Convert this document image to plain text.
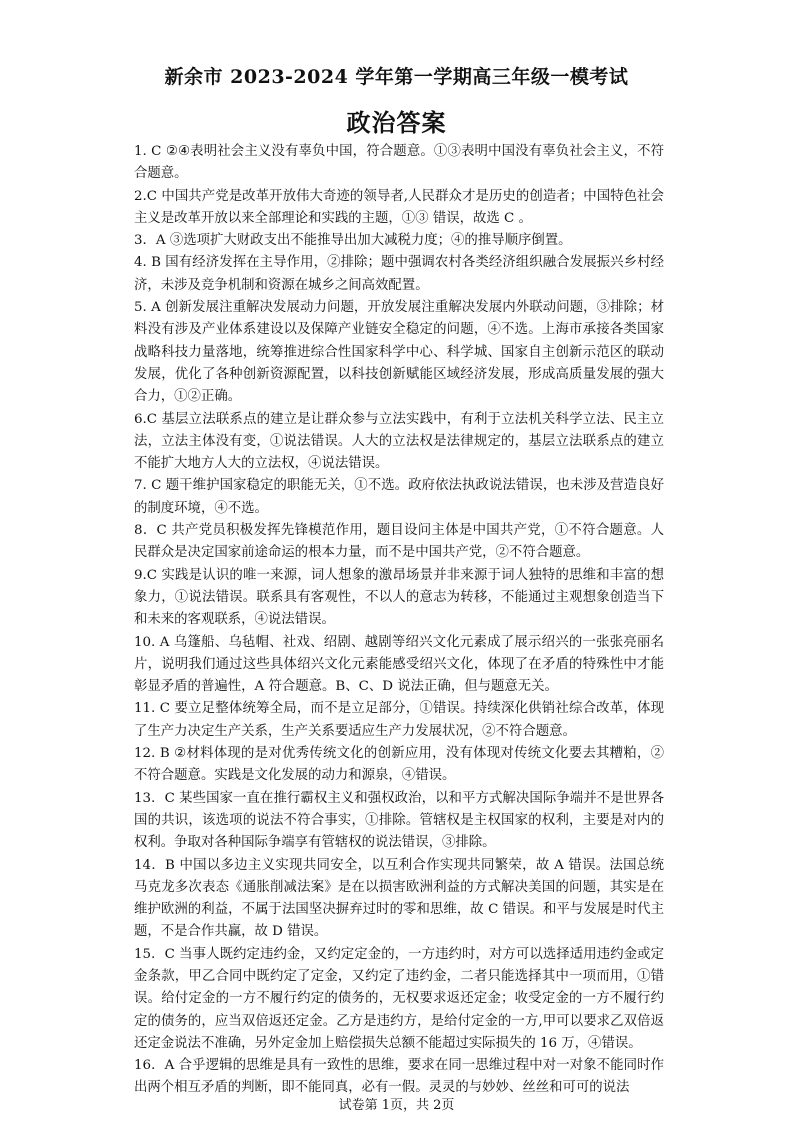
新余市 2023-2024 学年第一学期高三年级一模考试
政治答案

1. C ②④表明社会主义没有辜负中国，符合题意。①③表明中国没有辜负社会主义，不符合题意。

2.C 中国共产党是改革开放伟大奇迹的领导者,人民群众才是历史的创造者；中国特色社会主义是改革开放以来全部理论和实践的主题，①③ 错误，故选 C 。

3．A ③选项扩大财政支出不能推导出加大减税力度；④的推导顺序倒置。

4. B 国有经济发挥在主导作用，②排除；题中强调农村各类经济组织融合发展振兴乡村经济，未涉及竞争机制和资源在城乡之间高效配置。

5. A 创新发展注重解决发展动力问题，开放发展注重解决发展内外联动问题，③排除；材料没有涉及产业体系建设以及保障产业链安全稳定的问题，④不选。上海市承接各类国家战略科技力量落地，统筹推进综合性国家科学中心、科学城、国家自主创新示范区的联动发展，优化了各种创新资源配置，以科技创新赋能区域经济发展，形成高质量发展的强大合力，①②正确。

6.C 基层立法联系点的建立是让群众参与立法实践中，有利于立法机关科学立法、民主立法，立法主体没有变，①说法错误。人大的立法权是法律规定的，基层立法联系点的建立不能扩大地方人大的立法权，④说法错误。

7. C 题干维护国家稳定的职能无关，①不选。政府依法执政说法错误，也未涉及营造良好的制度环境，④不选。

8．C 共产党员积极发挥先锋模范作用，题目设问主体是中国共产党，①不符合题意。人民群众是决定国家前途命运的根本力量，而不是中国共产党，②不符合题意。

9.C 实践是认识的唯一来源，词人想象的激昂场景并非来源于词人独特的思维和丰富的想象力，①说法错误。联系具有客观性，不以人的意志为转移，不能通过主观想象创造当下和未来的客观联系，④说法错误。

10. A 乌篷船、乌毡帽、社戏、绍剧、越剧等绍兴文化元素成了展示绍兴的一张张亮丽名片，说明我们通过这些具体绍兴文化元素能感受绍兴文化，体现了在矛盾的特殊性中才能彰显矛盾的普遍性，A 符合题意。B、C、D 说法正确，但与题意无关。

11. C 要立足整体统筹全局，而不是立足部分，①错误。持续深化供销社综合改革，体现了生产力决定生产关系，生产关系要适应生产力发展状况，②不符合题意。

12. B ②材料体现的是对优秀传统文化的创新应用，没有体现对传统文化要去其糟粕，②不符合题意。实践是文化发展的动力和源泉，④错误。

13．C 某些国家一直在推行霸权主义和强权政治，以和平方式解决国际争端并不是世界各国的共识，该选项的说法不符合事实，①排除。管辖权是主权国家的权利，主要是对内的权利。争取对各种国际争端享有管辖权的说法错误，③排除。

14．B 中国以多边主义实现共同安全，以互利合作实现共同繁荣，故 A 错误。法国总统马克龙多次表态《通胀削减法案》是在以损害欧洲利益的方式解决美国的问题，其实是在维护欧洲的利益，不属于法国坚决摒弃过时的零和思维，故 C 错误。和平与发展是时代主题，不是合作共赢，故 D 错误。

15．C 当事人既约定违约金，又约定定金的，一方违约时，对方可以选择适用违约金或定金条款，甲乙合同中既约定了定金，又约定了违约金，二者只能选择其中一项而用，①错误。给付定金的一方不履行约定的债务的，无权要求返还定金；收受定金的一方不履行约定的债务的，应当双倍返还定金。乙方是违约方，是给付定金的一方,甲可以要求乙双倍返还定金说法不准确，另外定金加上赔偿损失总额不能超过实际损失的 16 万，④错误。

16．A 合乎逻辑的思维是具有一致性的思维，要求在同一思维过程中对一对象不能同时作出两个相互矛盾的判断，即不能同真，必有一假。灵灵的与妙妙、丝丝和可可的说法

试卷第 1页，共 2页
